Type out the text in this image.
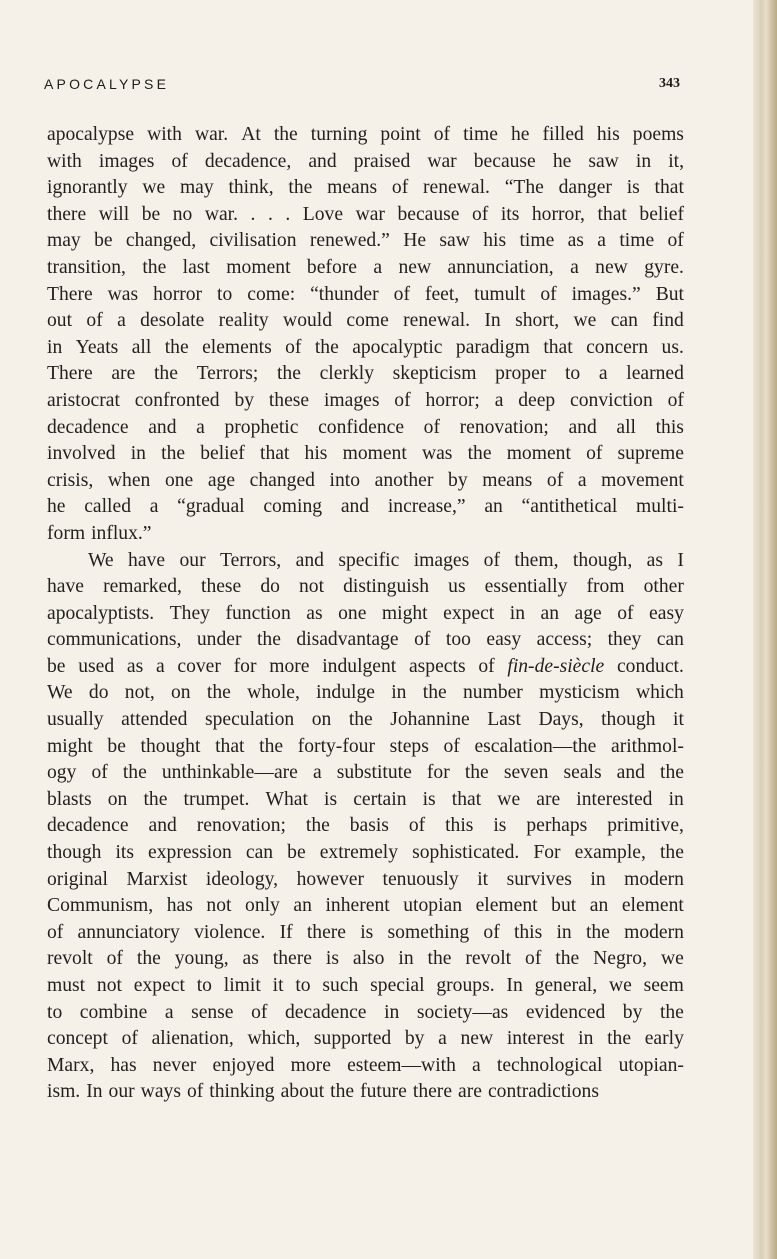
APOCALYPSE	343
apocalypse with war. At the turning point of time he filled his poems
with images of decadence, and praised war because he saw in it,
ignorantly we may think, the means of renewal. “The danger is that
there will be no war. . . . Love war because of its horror, that belief
may be changed, civilisation renewed.” He saw his time as a time of
transition, the last moment before a new annunciation, a new gyre.
There was horror to come: “thunder of feet, tumult of images.” But
out of a desolate reality would come renewal. In short, we can find
in Yeats all the elements of the apocalyptic paradigm that concern us.
There are the Terrors; the clerkly skepticism proper to a learned
aristocrat confronted by these images of horror; a deep conviction of
decadence and a prophetic confidence of renovation; and all this
involved in the belief that his moment was the moment of supreme
crisis, when one age changed into another by means of a movement
he called a “gradual coming and increase,” an “antithetical multi-
form influx.”
We have our Terrors, and specific images of them, though, as I
have remarked, these do not distinguish us essentially from other
apocalyptists. They function as one might expect in an age of easy
communications, under the disadvantage of too easy access; they can
be used as a cover for more indulgent aspects of fin-de-siècle conduct.
We do not, on the whole, indulge in the number mysticism which
usually attended speculation on the Johannine Last Days, though it
might be thought that the forty-four steps of escalation—the arithmol-
ogy of the unthinkable—are a substitute for the seven seals and the
blasts on the trumpet. What is certain is that we are interested in
decadence and renovation; the basis of this is perhaps primitive,
though its expression can be extremely sophisticated. For example, the
original Marxist ideology, however tenuously it survives in modern
Communism, has not only an inherent utopian element but an element
of annunciatory violence. If there is something of this in the modern
revolt of the young, as there is also in the revolt of the Negro, we
must not expect to limit it to such special groups. In general, we seem
to combine a sense of decadence in society—as evidenced by the
concept of alienation, which, supported by a new interest in the early
Marx, has never enjoyed more esteem—with a technological utopian-
ism. In our ways of thinking about the future there are contradictions
